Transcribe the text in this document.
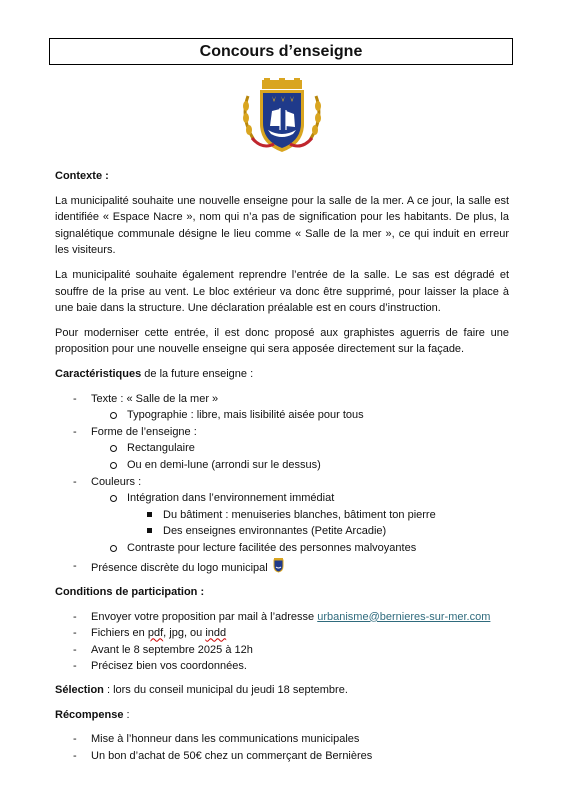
Concours d’enseigne
Contexte :

La municipalité souhaite une nouvelle enseigne pour la salle de la mer. A ce jour, la salle est identifiée « Espace Nacre », nom qui n’a pas de signification pour les habitants. De plus, la signalétique communale désigne le lieu comme « Salle de la mer », ce qui induit en erreur les visiteurs.

La municipalité souhaite également reprendre l’entrée de la salle. Le sas est dégradé et souffre de la prise au vent. Le bloc extérieur va donc être supprimé, pour laisser la place à une baie dans la structure. Une déclaration préalable est en cours d’instruction.

Pour moderniser cette entrée, il est donc proposé aux graphistes aguerris de faire une proposition pour une nouvelle enseigne qui sera apposée directement sur la façade.

Caractéristiques de la future enseigne :
- Texte : « Salle de la mer »
Typographie : libre, mais lisibilité aisée pour tous
- Forme de l’enseigne :
Rectangulaire
Ou en demi-lune (arrondi sur le dessus)
- Couleurs :
Intégration dans l’environnement immédiat
Du bâtiment : menuiseries blanches, bâtiment ton pierre
Des enseignes environnantes (Petite Arcadie)
Contraste pour lecture facilitée des personnes malvoyantes
- Présence discrète du logo municipal
Conditions de participation :
- Envoyer votre proposition par mail à l’adresse urbanisme@bernieres-sur-mer.com
- Fichiers en pdf, jpg, ou indd
- Avant le 8 septembre 2025 à 12h
- Précisez bien vos coordonnées.
Sélection : lors du conseil municipal du jeudi 18 septembre.
Récompense :
- Mise à l’honneur dans les communications municipales
- Un bon d’achat de 50€ chez un commerçant de Bernières
